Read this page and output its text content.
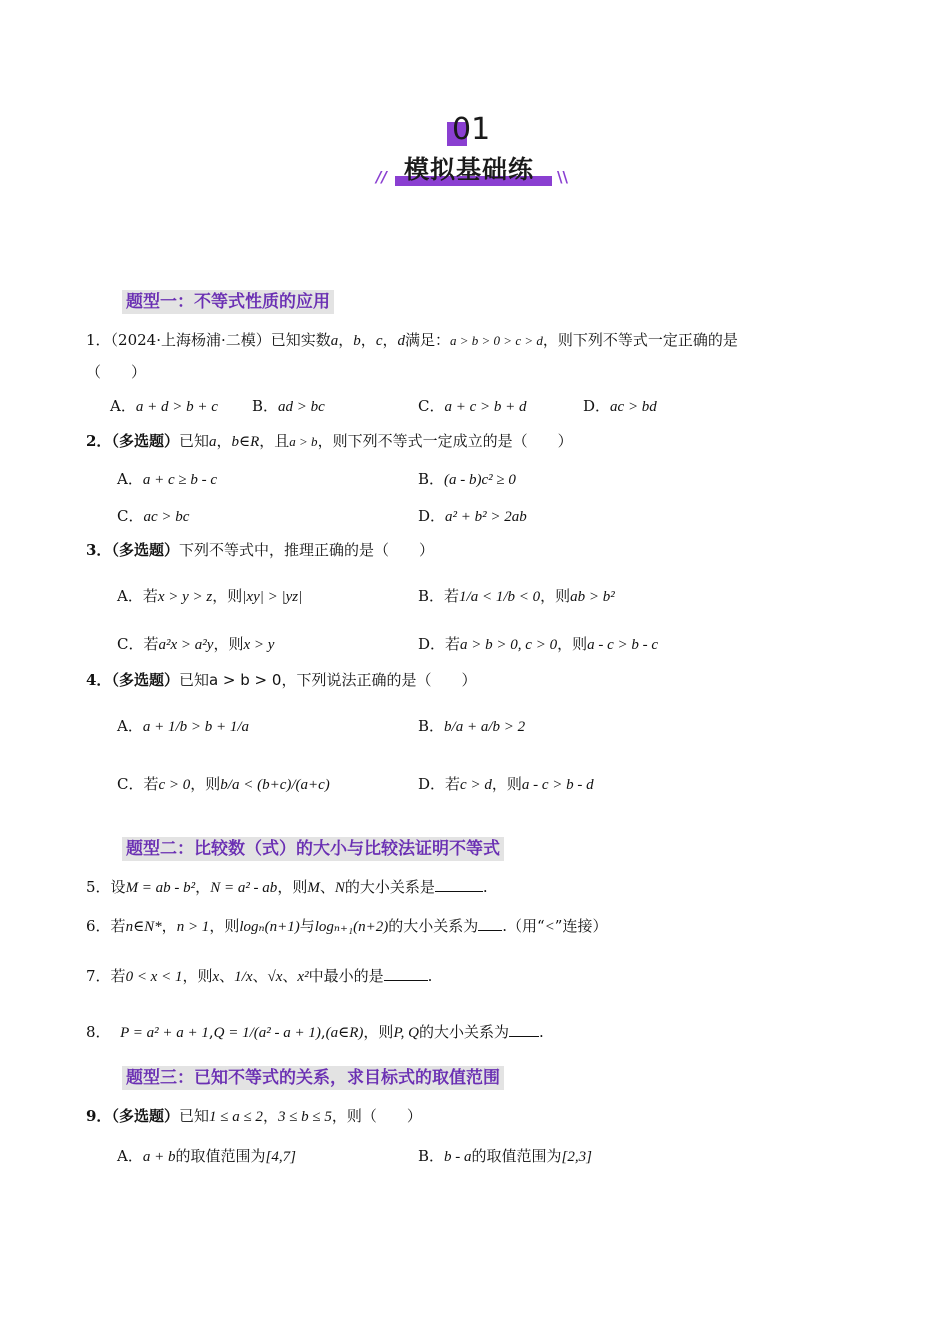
01
模拟基础练
//	\\
题型一：不等式性质的应用
1．（2024·上海杨浦·二模）已知实数a，b，c，d满足：a > b > 0 > c > d，则下列不等式一定正确的是
（　　）
A．a + d > b + c B．ad > bc	C．a + c > b + d	D．ac > bd
2．（多选题）已知a，b∈R，且a > b，则下列不等式一定成立的是（　　）
A．a + c ≥ b - c	B．(a - b)c² ≥ 0
C．ac > bc	D．a² + b² > 2ab
3．（多选题）下列不等式中，推理正确的是（　　）
A．若x > y > z，则|xy| > |yz|	B．若1/a < 1/b < 0，则ab > b²
C．若a²x > a²y，则x > y	D．若a > b > 0, c > 0，则a - c > b - c
4．（多选题）已知a > b > 0，下列说法正确的是（　　）
A．a + 1/b > b + 1/a	B．b/a + a/b > 2
C．若c > 0，则b/a < (b+c)/(a+c)	D．若c > d，则a - c > b - d
题型二：比较数（式）的大小与比较法证明不等式
5．设M = ab - b²，N = a² - ab，则M、N的大小关系是	.
6．若n∈N*，n > 1，则logₙ(n+1)与logₙ₊₁(n+2)的大小关系为 .（用“<”连接）
7．若0 < x < 1，则x、1/x、√x、x²中最小的是	.
8． P = a² + a + 1,Q = 1/(a² - a + 1),(a∈R)，则P, Q的大小关系为 .
题型三：已知不等式的关系，求目标式的取值范围
9．（多选题）已知1 ≤ a ≤ 2，3 ≤ b ≤ 5，则（　　）
A．a + b的取值范围为[4,7]	B．b - a的取值范围为[2,3]
